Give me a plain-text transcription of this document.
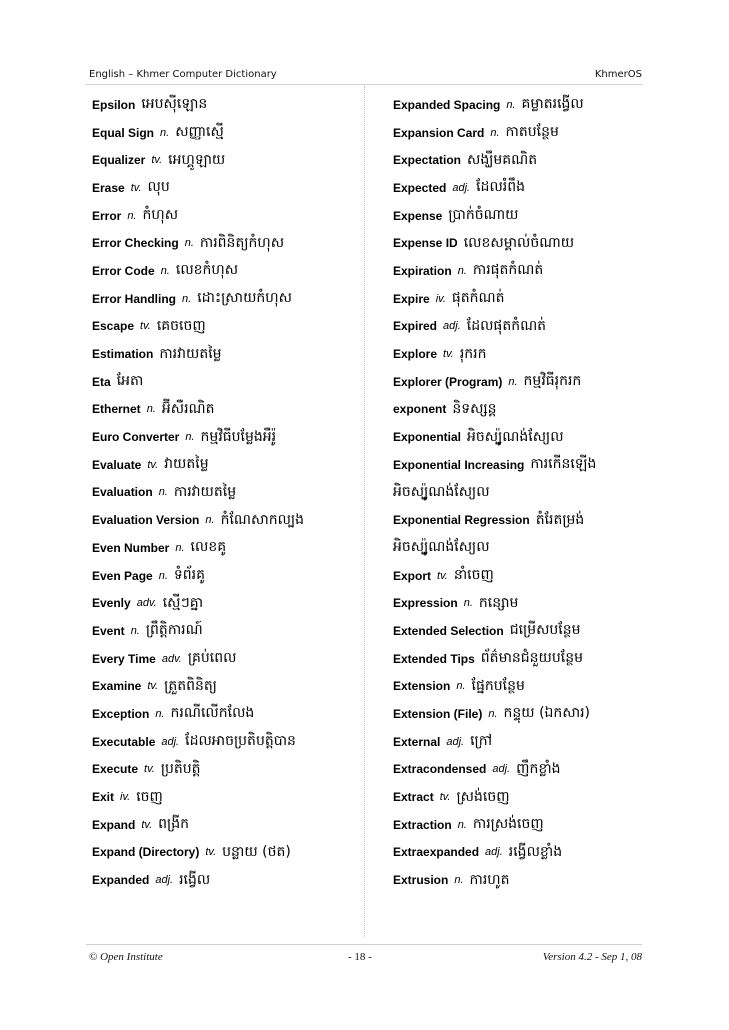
English – Khmer Computer Dictionary	KhmerOS
Epsilon អេបស៊ីឡោន
Equal Sign n. សញ្ញាស្មើ
Equalizer tv. អេហ្គូឡាយ
Erase tv. លុប
Error n. កំហុស
Error Checking n. ការពិនិត្យកំហុស
Error Code n. លេខកំហុស
Error Handling n. ដោះស្រាយកំហុស
Escape tv. គេចចេញ
Estimation ការវាយតម្លៃ
Eta អែតា
Ethernet n. អ៊ីសឺរណិត
Euro Converter n. កម្មវិធីបម្លែងអឺរ៉ូ
Evaluate tv. វាយតម្លៃ
Evaluation n. ការវាយតម្លៃ
Evaluation Version n. កំណែសាកល្បង
Even Number n. លេខគូ
Even Page n. ទំព័រគូ
Evenly adv. ស្មើៗគ្នា
Event n. ព្រឹត្តិការណ៍
Every Time adv. គ្រប់ពេល
Examine tv. ត្រួតពិនិត្យ
Exception n. ករណីលើកលែង
Executable adj. ដែលអាចប្រតិបត្តិបាន
Execute tv. ប្រតិបត្តិ
Exit iv. ចេញ
Expand tv. ពង្រីក
Expand (Directory) tv. បន្លាយ (ថត)
Expanded adj. រង្វើល
Expanded Spacing n. គម្លាតរង្វើល
Expansion Card n. កាតបន្ថែម
Expectation សង្ឃឹមគណិត
Expected adj. ដែលរំពឹង
Expense ប្រាក់ចំណាយ
Expense ID លេខសម្គាល់ចំណាយ
Expiration n. ការផុតកំណត់
Expire iv. ផុតកំណត់
Expired adj. ដែលផុតកំណត់
Explore tv. រុករក
Explorer (Program) n. កម្មវិធីរុករក
exponent និទស្សន្ត
Exponential អិចស្ប៉ូណង់ស្យែល
Exponential Increasing ការកើនឡើង
អិចស្ប៉ូណង់ស្យែល
Exponential Regression តំរែតម្រង់
អិចស្ប៉ូណង់ស្យែល
Export tv. នាំចេញ
Expression n. កន្សោម
Extended Selection ជម្រើសបន្ថែម
Extended Tips ព័ត៌មានជំនួយបន្ថែម
Extension n. ផ្នែកបន្ថែម
Extension (File) n. កន្ទុយ (ឯកសារ)
External adj. ក្រៅ
Extracondensed adj. ញឹកខ្លាំង
Extract tv. ស្រង់ចេញ
Extraction n. ការស្រង់ចេញ
Extraexpanded adj. រង្វើលខ្លាំង
Extrusion n. ការហូត
© Open Institute	- 18 -	Version 4.2 - Sep 1, 08
